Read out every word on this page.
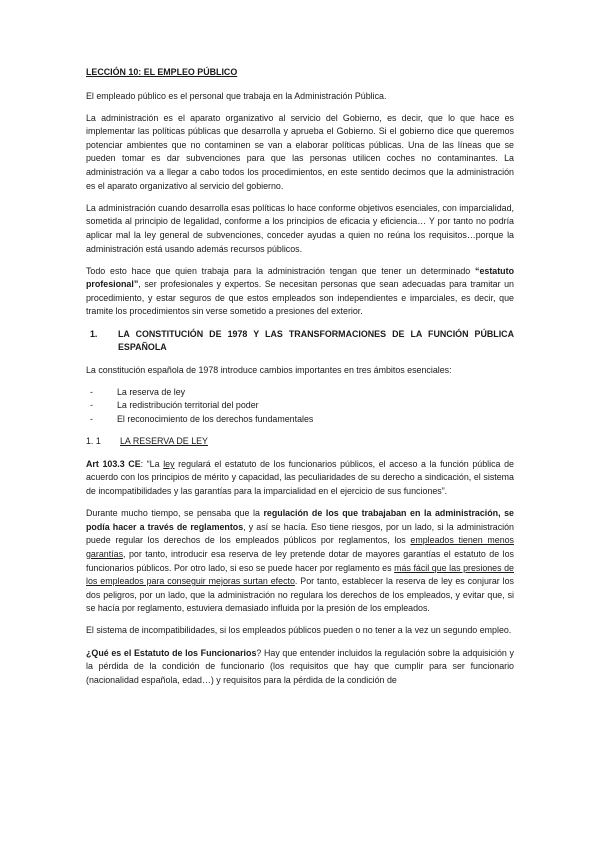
LECCIÓN 10: EL EMPLEO PÚBLICO

El empleado público es el personal que trabaja en la Administración Pública.

La administración es el aparato organizativo al servicio del Gobierno, es decir, que lo que hace es implementar las políticas públicas que desarrolla y aprueba el Gobierno. Si el gobierno dice que queremos potenciar ambientes que no contaminen se van a elaborar políticas públicas. Una de las líneas que se pueden tomar es dar subvenciones para que las personas utilicen coches no contaminantes. La administración va a llegar a cabo todos los procedimientos, en este sentido decimos que la administración es el aparato organizativo al servicio del gobierno.

La administración cuando desarrolla esas políticas lo hace conforme objetivos esenciales, con imparcialidad, sometida al principio de legalidad, conforme a los principios de eficacia y eficiencia… Y por tanto no podría aplicar mal la ley general de subvenciones, conceder ayudas a quien no reúna los requisitos…porque la administración está usando además recursos públicos.

Todo esto hace que quien trabaja para la administración tengan que tener un determinado “estatuto profesional”, ser profesionales y expertos. Se necesitan personas que sean adecuadas para tramitar un procedimiento, y estar seguros de que estos empleados son independientes e imparciales, es decir, que tramite los procedimientos sin verse sometido a presiones del exterior.

1.	LA CONSTITUCIÓN DE 1978 Y LAS TRANSFORMACIONES DE LA FUNCIÓN PÚBLICA ESPAÑOLA

La constitución española de 1978 introduce cambios importantes en tres ámbitos esenciales:

-	La reserva de ley
-	La redistribución territorial del poder
-	El reconocimiento de los derechos fundamentales
1. 1	LA RESERVA DE LEY

Art 103.3 CE: “La ley regulará el estatuto de los funcionarios públicos, el acceso a la función pública de acuerdo con los principios de mérito y capacidad, las peculiaridades de su derecho a sindicación, el sistema de incompatibilidades y las garantías para la imparcialidad en el ejercicio de sus funciones”.

Durante mucho tiempo, se pensaba que la regulación de los que trabajaban en la administración, se podía hacer a través de reglamentos, y así se hacía. Eso tiene riesgos, por un lado, si la administración puede regular los derechos de los empleados públicos por reglamentos, los empleados tienen menos garantías, por tanto, introducir esa reserva de ley pretende dotar de mayores garantías el estatuto de los funcionarios públicos. Por otro lado, si eso se puede hacer por reglamento es más fácil que las presiones de los empleados para conseguir mejoras surtan efecto. Por tanto, establecer la reserva de ley es conjurar los dos peligros, por un lado, que la administración no regulara los derechos de los empleados, y evitar que, si se hacía por reglamento, estuviera demasiado influida por la presión de los empleados.

El sistema de incompatibilidades, si los empleados públicos pueden o no tener a la vez un segundo empleo.

¿Qué es el Estatuto de los Funcionarios? Hay que entender incluidos la regulación sobre la adquisición y la pérdida de la condición de funcionario (los requisitos que hay que cumplir para ser funcionario (nacionalidad española, edad…) y requisitos para la pérdida de la condición de
